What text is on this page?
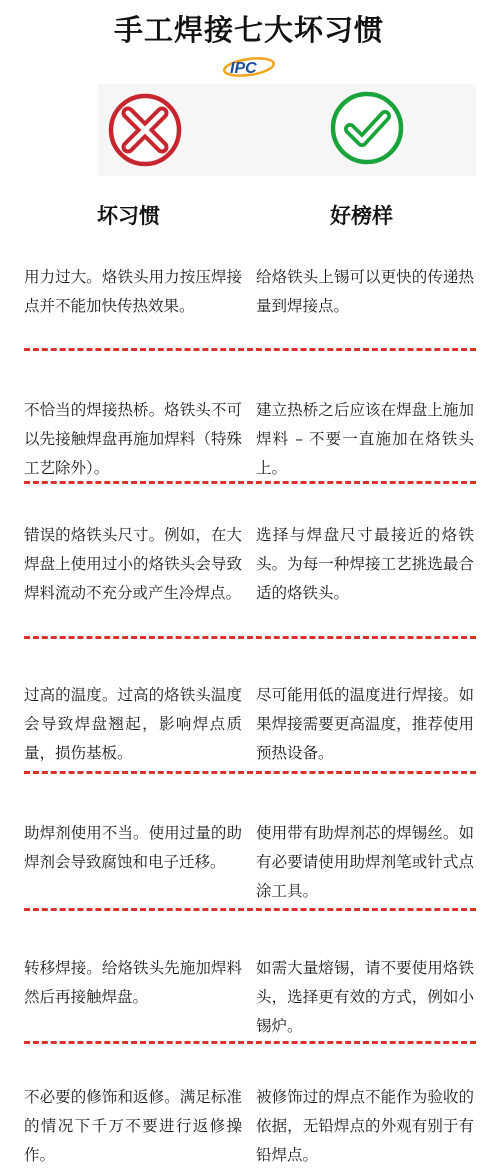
手工焊接七大坏习惯
IPC
坏习惯	好榜样
用力过大。烙铁头用力按压焊接点并不能加快传热效果。
给烙铁头上锡可以更快的传递热量到焊接点。
不恰当的焊接热桥。烙铁头不可以先接触焊盘再施加焊料（特殊工艺除外）。
建立热桥之后应该在焊盘上施加焊料 – 不要一直施加在烙铁头上。
错误的烙铁头尺寸。例如，在大焊盘上使用过小的烙铁头会导致焊料流动不充分或产生冷焊点。
选择与焊盘尺寸最接近的烙铁头。为每一种焊接工艺挑选最合适的烙铁头。
过高的温度。过高的烙铁头温度会导致焊盘翘起，影响焊点质量，损伤基板。
尽可能用低的温度进行焊接。如果焊接需要更高温度，推荐使用预热设备。
助焊剂使用不当。使用过量的助焊剂会导致腐蚀和电子迁移。
使用带有助焊剂芯的焊锡丝。如有必要请使用助焊剂笔或针式点涂工具。
转移焊接。给烙铁头先施加焊料然后再接触焊盘。
如需大量熔锡，请不要使用烙铁头，选择更有效的方式，例如小锡炉。
不必要的修饰和返修。满足标准的情况下千万不要进行返修操作。
被修饰过的焊点不能作为验收的依据，无铅焊点的外观有别于有铅焊点。
